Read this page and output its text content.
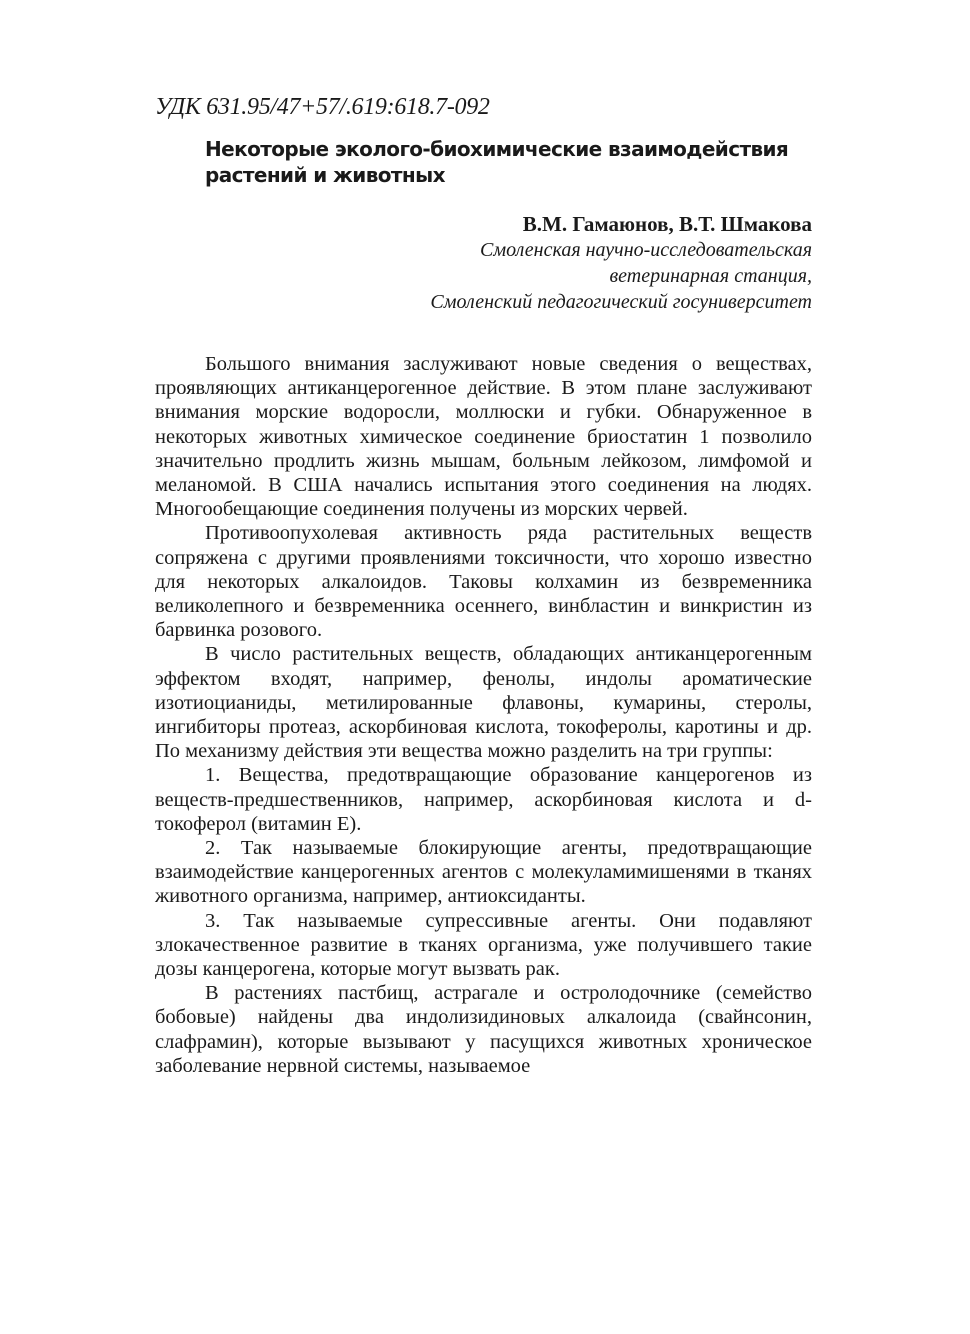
УДК 631.95/47+57/.619:618.7-092
Некоторые эколого-биохимические взаимодействия растений и животных
В.М. Гамаюнов, В.Т. Шмакова
Смоленская научно-исследовательская
ветеринарная станция,
Смоленский педагогический госуниверситет

Большого внимания заслуживают новые сведения о веществах, проявляющих антиканцерогенное действие. В этом плане заслуживают внимания морские водоросли, моллюски и губки. Обнаруженное в некоторых животных химическое соединение бриостатин 1 позволило значительно продлить жизнь мышам, больным лейкозом, лимфомой и меланомой. В США начались испытания этого соединения на людях. Многообещающие соединения получены из морских червей.

Противоопухолевая активность ряда растительных веществ сопряжена с другими проявлениями токсичности, что хорошо известно для некоторых алкалоидов. Таковы колхамин из безвременника великолепного и безвременника осеннего, винбластин и винкристин из барвинка розового.

В число растительных веществ, обладающих антиканцерогенным эффектом входят, например, фенолы, индолы ароматические изотиоцианиды, метилированные флавоны, кумарины, стеролы, ингибиторы протеаз, аскорбиновая кислота, токоферолы, каротины и др. По механизму действия эти вещества можно разделить на три группы:

1. Вещества, предотвращающие образование канцерогенов из веществ-предшественников, например, аскорбиновая кислота и d-токоферол (витамин Е).

2. Так называемые блокирующие агенты, предотвращающие взаимодействие канцерогенных агентов с молекуламимишенями в тканях животного организма, например, антиоксиданты.

3. Так называемые супрессивные агенты. Они подавляют злокачественное развитие в тканях организма, уже получившего такие дозы канцерогена, которые могут вызвать рак.

В растениях пастбищ, астрагале и остролодочнике (семейство бобовые) найдены два индолизидиновых алкалоида (свайнсонин, слафрамин), которые вызывают у пасущихся животных хроническое заболевание нервной системы, называемое
